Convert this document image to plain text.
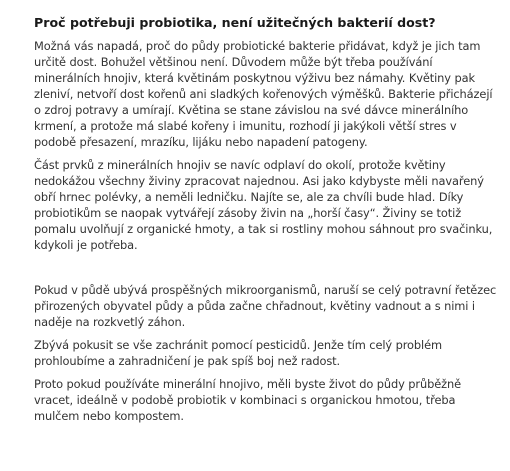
Proč potřebuji probiotika, není užitečných bakterií dost?

Možná vás napadá, proč do půdy probiotické bakterie přidávat, když je jich tam určitě dost. Bohužel většinou není. Důvodem může být třeba používání minerálních hnojiv, která květinám poskytnou výživu bez námahy. Květiny pak zleniví, netvoří dost kořenů ani sladkých kořenových výměšků. Bakterie přicházejí o zdroj potravy a umírají. Květina se stane závislou na své dávce minerálního krmení, a protože má slabé kořeny i imunitu, rozhodí ji jakýkoli větší stres v podobě přesazení, mrazíku, lijáku nebo napadení patogeny.

Část prvků z minerálních hnojiv se navíc odplaví do okolí, protože květiny nedokážou všechny živiny zpracovat najednou. Asi jako kdybyste měli navařený obří hrnec polévky, a neměli ledničku. Najíte se, ale za chvíli bude hlad. Díky probiotikům se naopak vytvářejí zásoby živin na „horší časy“. Živiny se totiž pomalu uvolňují z organické hmoty, a tak si rostliny mohou sáhnout pro svačinku, kdykoli je potřeba.

Pokud v půdě ubývá prospěšných mikroorganismů, naruší se celý potravní řetězec přirozených obyvatel půdy a půda začne chřadnout, květiny vadnout a s nimi i naděje na rozkvetlý záhon.

Zbývá pokusit se vše zachránit pomocí pesticidů. Jenže tím celý problém prohloubíme a zahradničení je pak spíš boj než radost.

Proto pokud používáte minerální hnojivo, měli byste život do půdy průběžně vracet, ideálně v podobě probiotik v kombinaci s organickou hmotou, třeba mulčem nebo kompostem.
